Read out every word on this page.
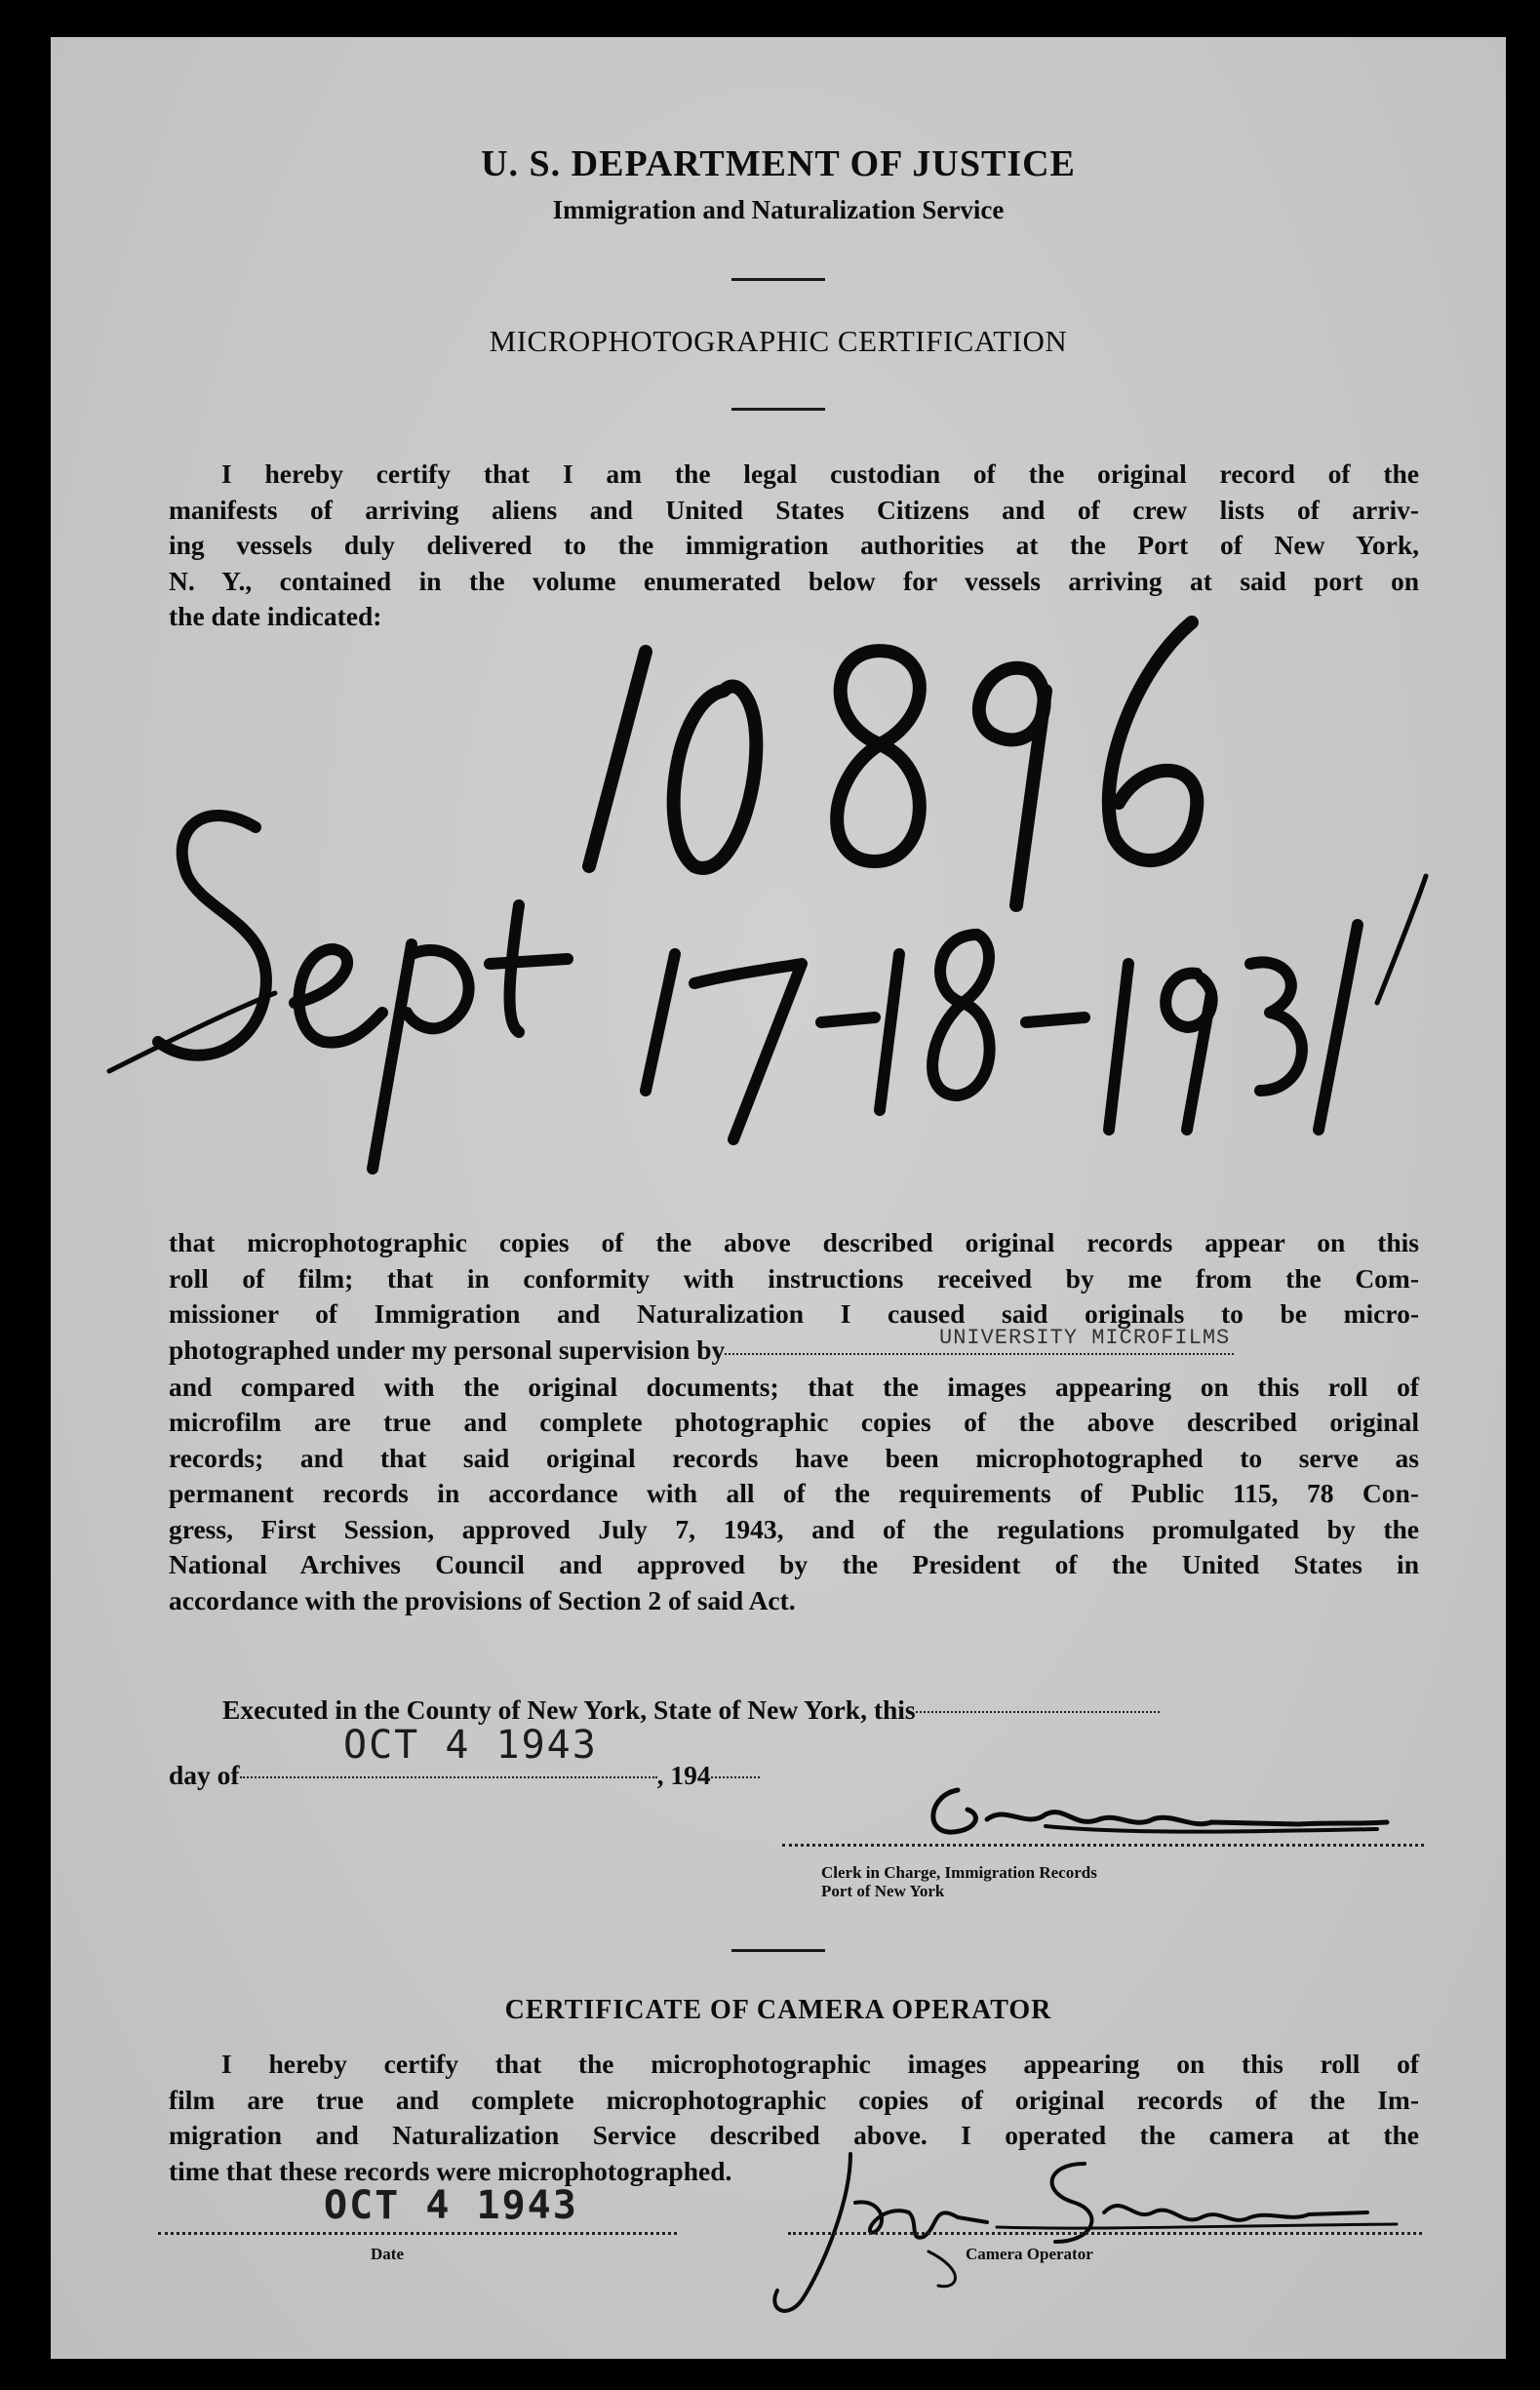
U. S. DEPARTMENT OF JUSTICE
Immigration and Naturalization Service
MICROPHOTOGRAPHIC CERTIFICATION
I hereby certify that I am the legal custodian of the original record of the
manifests of arriving aliens and United States Citizens and of crew lists of arriv-
ing vessels duly delivered to the immigration authorities at the Port of New York,
N. Y., contained in the volume enumerated below for vessels arriving at said port on
the date indicated:
that microphotographic copies of the above described original records appear on this
roll of film; that in conformity with instructions received by me from the Com-
missioner of Immigration and Naturalization I caused said originals to be micro-
photographed under my personal supervision by	UNIVERSITY MICROFILMS
and compared with the original documents; that the images appearing on this roll of
microfilm are true and complete photographic copies of the above described original
records; and that said original records have been microphotographed to serve as
permanent records in accordance with all of the requirements of Public 115, 78 Con-
gress, First Session, approved July 7, 1943, and of the regulations promulgated by the
National Archives Council and approved by the President of the United States in
accordance with the provisions of Section 2 of said Act.
Executed in the County of New York, State of New York, this
OCT 4 1943
day of	, 194
Clerk in Charge, Immigration Records
Port of New York
CERTIFICATE OF CAMERA OPERATOR
I hereby certify that the microphotographic images appearing on this roll of
film are true and complete microphotographic copies of original records of the Im-
migration and Naturalization Service described above. I operated the camera at the
time that these records were microphotographed.
OCT 4 1943
Date	Camera Operator
